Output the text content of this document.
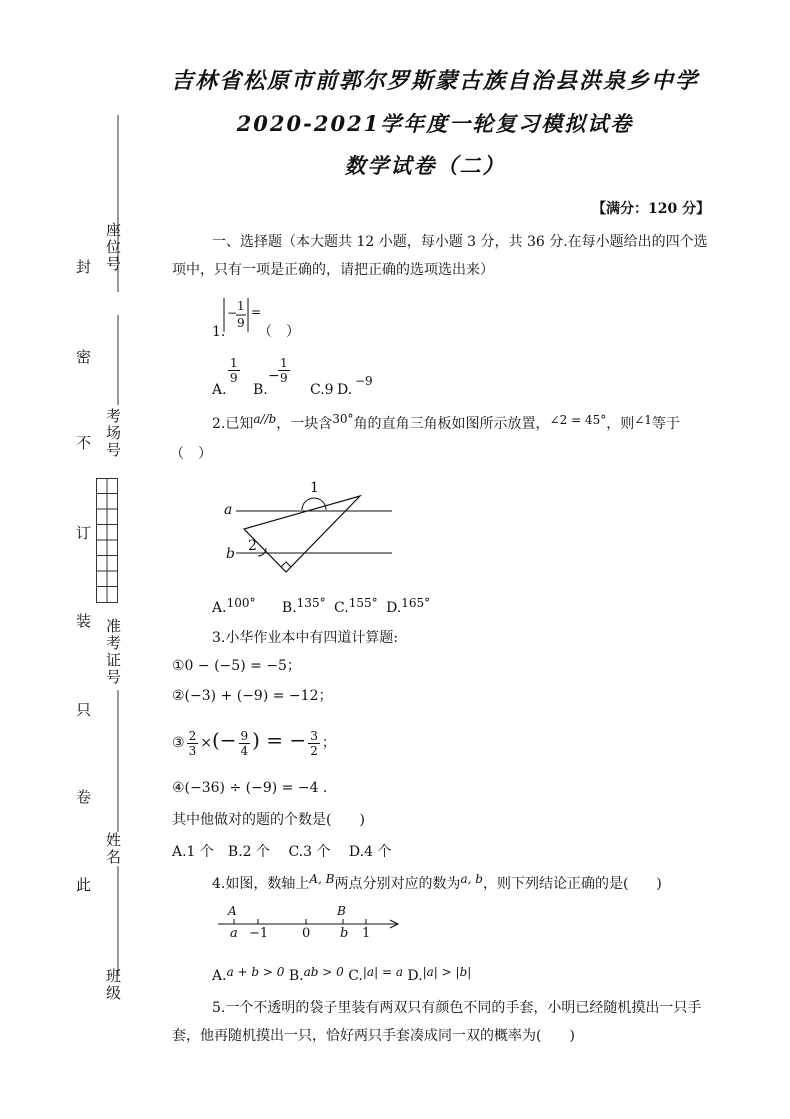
座位号
考场号
准考证号
姓名
班级
封
密
不
订
装
只
卷
此
吉林省松原市前郭尔罗斯蒙古族自治县洪泉乡中学
2020-2021学年度一轮复习模拟试卷
数学试卷（二）
【满分：120 分】
一、选择题（本大题共 12 小题，每小题 3 分，共 36 分.在每小题给出的四个选
项中，只有一项是正确的，请把正确的选项选出来）
1.
− 1
9
=
（　）
A.
$\frac{1}{9}$
B.
−
$\frac{1}{9}$
C.9 D.
−9
2.已知a//b，一块含30°角的直角三角板如图所示放置，∠2 = 45°，则∠1等于
（　）
1
2
a
b
A.100° B.135° C.155° D.165°
3.小华作业本中有四道计算题:
①0 − (−5) = −5；
②(−3) + (−9) = −12；
③ $\frac{2}{3}$ ×(− $\frac{9}{4}$ ) = − $\frac{3}{2}$ ；
④(−36) ÷ (−9) = −4 .
其中他做对的题的个数是(　　)
A.1 个　B.2 个　 C.3 个　 D.4 个
4.如图，数轴上A, B两点分别对应的数为a, b，则下列结论正确的是(　　)
A	B
a −1	0 b 1
A.a + b > 0 B.ab > 0 C.|a| = a D.|a| > |b|
5.一个不透明的袋子里装有两双只有颜色不同的手套，小明已经随机摸出一只手
套，他再随机摸出一只，恰好两只手套凑成同一双的概率为(　　)
